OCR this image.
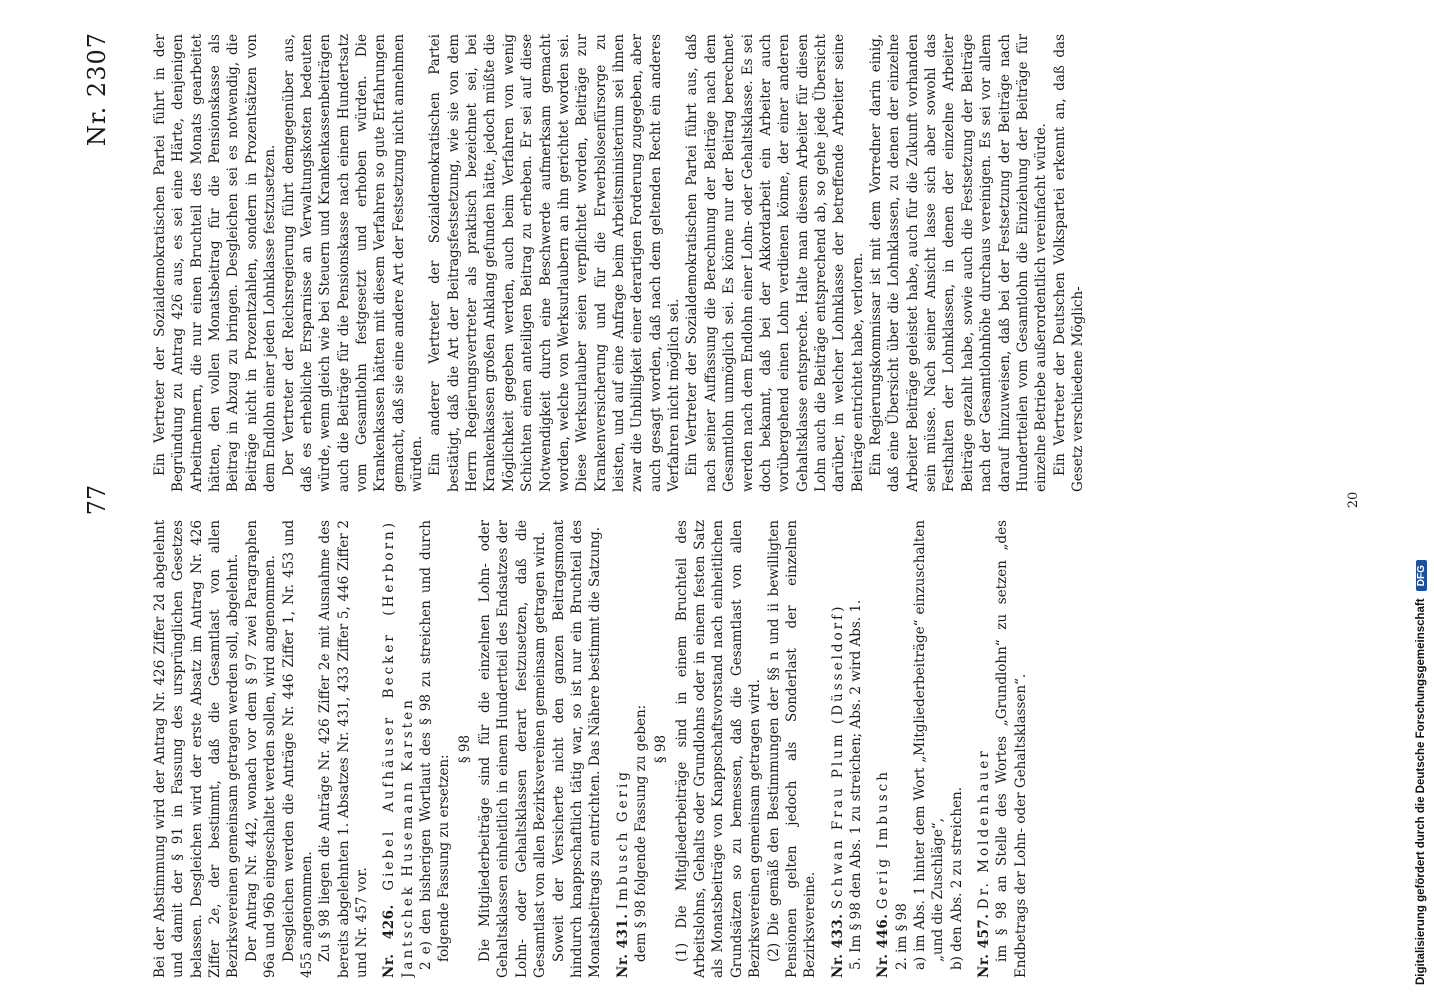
77
Nr. 2307

Bei der Abstimmung wird der Antrag Nr. 426 Ziffer 2d abgelehnt und damit der § 91 in Fassung des ursprünglichen Gesetzes belassen. Desgleichen wird der erste Absatz im Antrag Nr. 426 Ziffer 2e, der bestimmt, daß die Gesamtlast von allen Bezirksvereinen gemeinsam getragen werden soll, abgelehnt. Der Antrag Nr. 442, wonach vor dem § 97 zwei Paragraphen 96a und 96b eingeschaltet werden sollen, wird angenommen. Desgleichen werden die Anträge Nr. 446 Ziffer 1, Nr. 453 und 455 angenommen. Zu § 98 liegen die Anträge Nr. 426 Ziffer 2e mit Ausnahme des bereits abgelehnten 1. Absatzes Nr. 431, 433 Ziffer 5, 446 Ziffer 2 und Nr. 457 vor. Nr. 426. Giebel Aufhäuser Becker (Herborn) Jantschek Husemann Karsten 2 e) den bisherigen Wortlaut des § 98 zu streichen und durch folgende Fassung zu ersetzen:

§ 98 Die Mitgliederbeiträge sind für die einzelnen Lohn- oder Gehaltsklassen einheitlich in einem Hundertteil des Endsatzes der Lohn- oder Gehaltsklassen derart festzusetzen, daß die Gesamtlast von allen Bezirksvereinen gemeinsam getragen wird. Soweit der Versicherte nicht den ganzen Beitragsmonat hindurch knappschaftlich tätig war, so ist nur ein Bruchteil des Monatsbeitrags zu entrichten. Das Nähere bestimmt die Satzung. Nr. 431. Imbusch Gerig dem § 98 folgende Fassung zu geben: § 98 (1) Die Mitgliederbeiträge sind in einem Bruchteil des Arbeitslohns, Gehalts oder Grundlohns oder in einem festen Satz als Monatsbeiträge von Knappschaftsvorstand nach einheitlichen Grundsätzen so zu bemessen, daß die Gesamtlast von allen Bezirksvereinen gemeinsam getragen wird. (2) Die gemäß den Bestimmungen der §§ n und ii bewilligten Pensionen gelten jedoch als Sonderlast der einzelnen Bezirksvereine. Nr. 433. Schwan Frau Plum (Düsseldorf) 5. Im § 98 den Abs. 1 zu streichen; Abs. 2 wird Abs. 1. Nr. 446. Gerig Imbusch

2. im § 98 a) im Abs. 1 hinter dem Wort „Mitgliederbeiträge“ einzuschalten „und die Zuschläge“, b) den Abs. 2 zu streichen. Nr. 457. Dr. Moldenhauer im § 98 an Stelle des Wortes „Grundlohn“ zu setzen „des Endbetrags der Lohn- oder Gehaltsklassen“.

Ein Vertreter der Sozialdemokratischen Partei führt in der Begründung zu Antrag 426 aus, es sei eine Härte, denjenigen Arbeitnehmern, die nur einen Bruchteil des Monats gearbeitet hätten, den vollen Monatsbeitrag für die Pensionskasse als Beitrag in Abzug zu bringen. Desgleichen sei es notwendig, die Beiträge nicht in Prozentzahlen, sondern in Prozentsätzen von dem Endlohn einer jeden Lohnklasse festzusetzen. Der Vertreter der Reichsregierung führt demgegenüber aus, daß es erhebliche Ersparnisse an Verwaltungskosten bedeuten würde, wenn gleich wie bei Steuern und Krankenkassenbeiträgen auch die Beiträge für die Pensionskasse nach einem Hundertsatz vom Gesamtlohn festgesetzt und erhoben würden. Die Krankenkassen hätten mit diesem Verfahren so gute Erfahrungen gemacht, daß sie eine andere Art der Festsetzung nicht annehmen würden. Ein anderer Vertreter der Sozialdemokratischen Partei bestätigt, daß die Art der Beitragsfestsetzung, wie sie von dem Herrn Regierungsvertreter als praktisch bezeichnet sei, bei Krankenkassen großen Anklang gefunden hätte, jedoch müßte die Möglichkeit gegeben werden, auch beim Verfahren von wenig Schichten einen anteiligen Beitrag zu erheben. Er sei auf diese Notwendigkeit durch eine Beschwerde aufmerksam gemacht worden, welche von Werksurlaubern an ihn gerichtet worden sei. Diese Werksurlauber seien verpflichtet worden, Beiträge zur Krankenversicherung und für die Erwerbslosenfürsorge zu leisten, und auf eine Anfrage beim Arbeitsministerium sei ihnen zwar die Unbilligkeit einer derartigen Forderung zugegeben, aber auch gesagt worden, daß nach dem geltenden Recht ein anderes Verfahren nicht möglich sei. Ein Vertreter der Sozialdemokratischen Partei führt aus, daß nach seiner Auffassung die Berechnung der Beiträge nach dem Gesamtlohn unmöglich sei. Es könne nur der Beitrag berechnet werden nach dem Endlohn einer Lohn- oder Gehaltsklasse. Es sei doch bekannt, daß bei der Akkordarbeit ein Arbeiter auch vorübergehend einen Lohn verdienen könne, der einer anderen Gehaltsklasse entspreche. Halte man diesem Arbeiter für diesen Lohn auch die Beiträge entsprechend ab, so gehe jede Übersicht darüber, in welcher Lohnklasse der betreffende Arbeiter seine Beiträge entrichtet habe, verloren. Ein Regierungskommissar ist mit dem Vorredner darin einig, daß eine Übersicht über die Lohnklassen, zu denen der einzelne Arbeiter Beiträge geleistet habe, auch für die Zukunft vorhanden sein müsse. Nach seiner Ansicht lasse sich aber sowohl das Festhalten der Lohnklassen, in denen der einzelne Arbeiter Beiträge gezahlt habe, sowie auch die Festsetzung der Beiträge nach der Gesamtlohnhöhe durchaus vereinigen. Es sei vor allem darauf hinzuweisen, daß bei der Festsetzung der Beiträge nach Hundertteilen vom Gesamtlohn die Einziehung der Beiträge für einzelne Betriebe außerordentlich vereinfacht würde. Ein Vertreter der Deutschen Volkspartei erkennt an, daß das Gesetz verschiedene Möglich-

20
Digitalisierung gefördert durch die Deutsche Forschungsgemeinschaft DFG
